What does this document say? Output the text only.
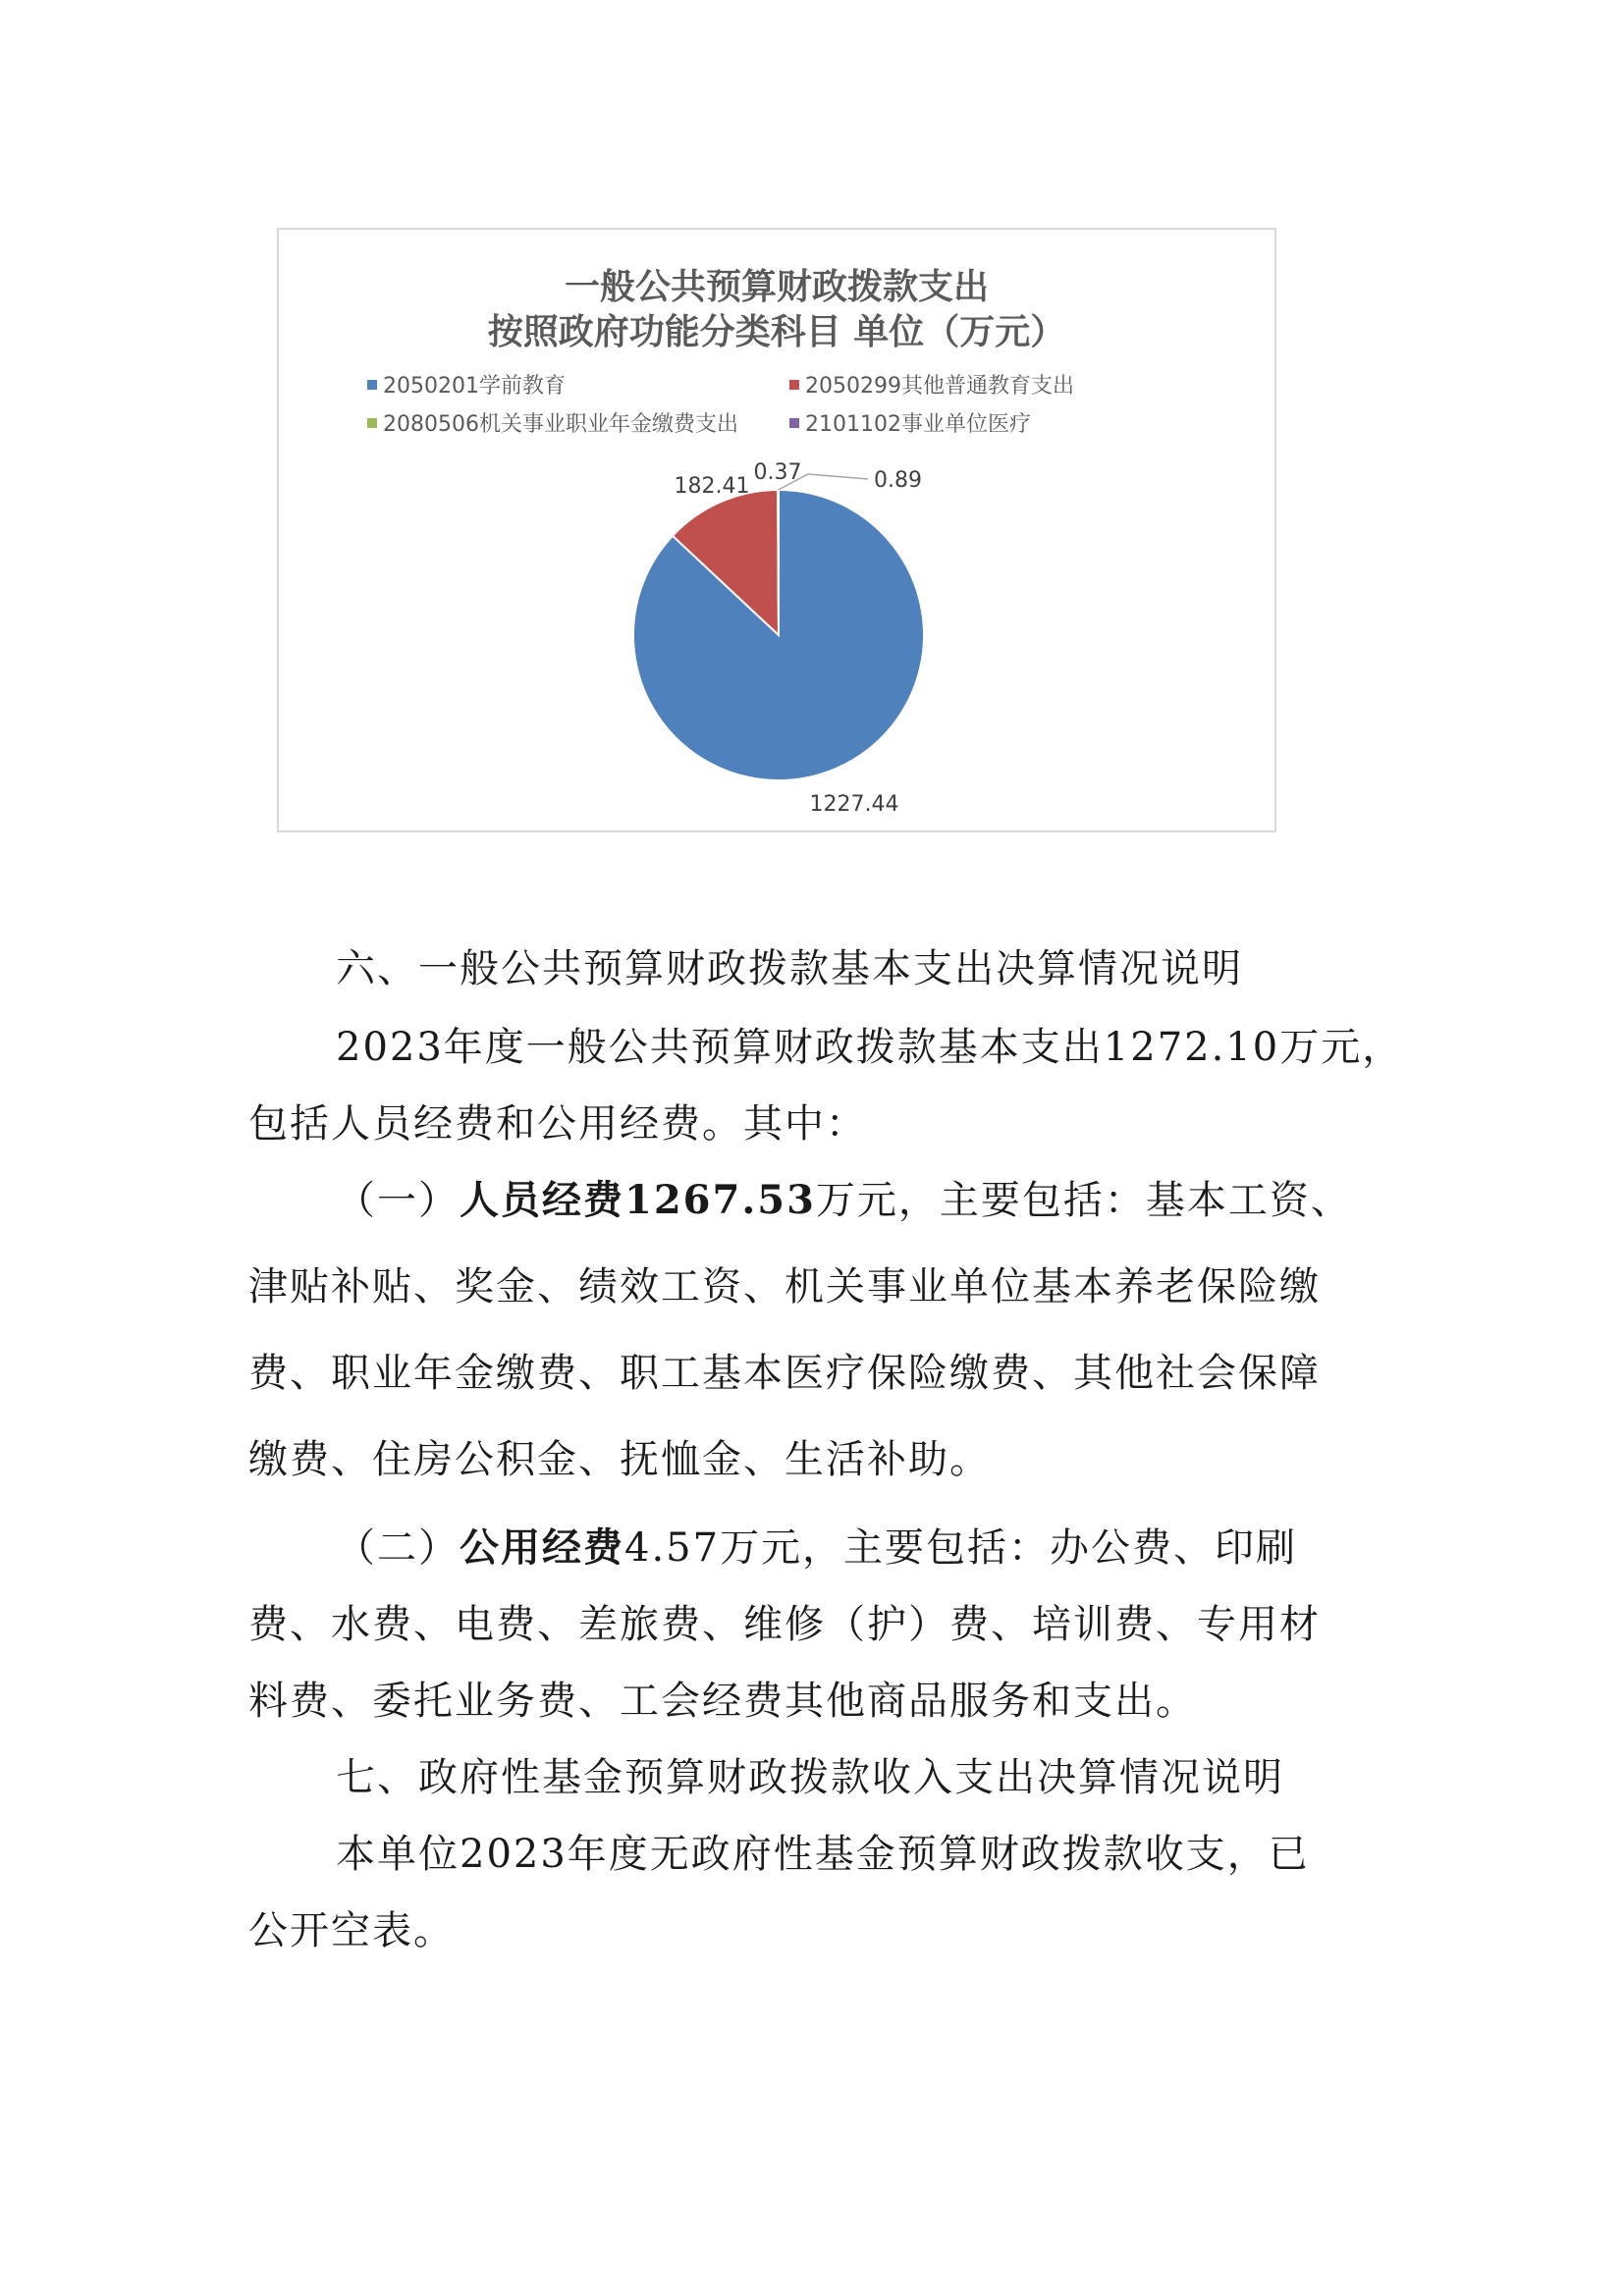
一般公共预算财政拨款支出
按照政府功能分类科目 单位（万元）
2050201学前教育	2050299其他普通教育支出
2080506机关事业职业年金缴费支出	2101102事业单位医疗
1227.44
182.41
0.37	0.89
六、一般公共预算财政拨款基本支出决算情况说明
2023年度一般公共预算财政拨款基本支出1272.10万元，
包括人员经费和公用经费。其中：
（一）人员经费1267.53万元，主要包括：基本工资、
津贴补贴、奖金、绩效工资、机关事业单位基本养老保险缴
费、职业年金缴费、职工基本医疗保险缴费、其他社会保障
缴费、住房公积金、抚恤金、生活补助。
（二）公用经费4.57万元，主要包括：办公费、印刷
费、水费、电费、差旅费、维修（护）费、培训费、专用材
料费、委托业务费、工会经费其他商品服务和支出。
七、政府性基金预算财政拨款收入支出决算情况说明
本单位2023年度无政府性基金预算财政拨款收支，已
公开空表。
